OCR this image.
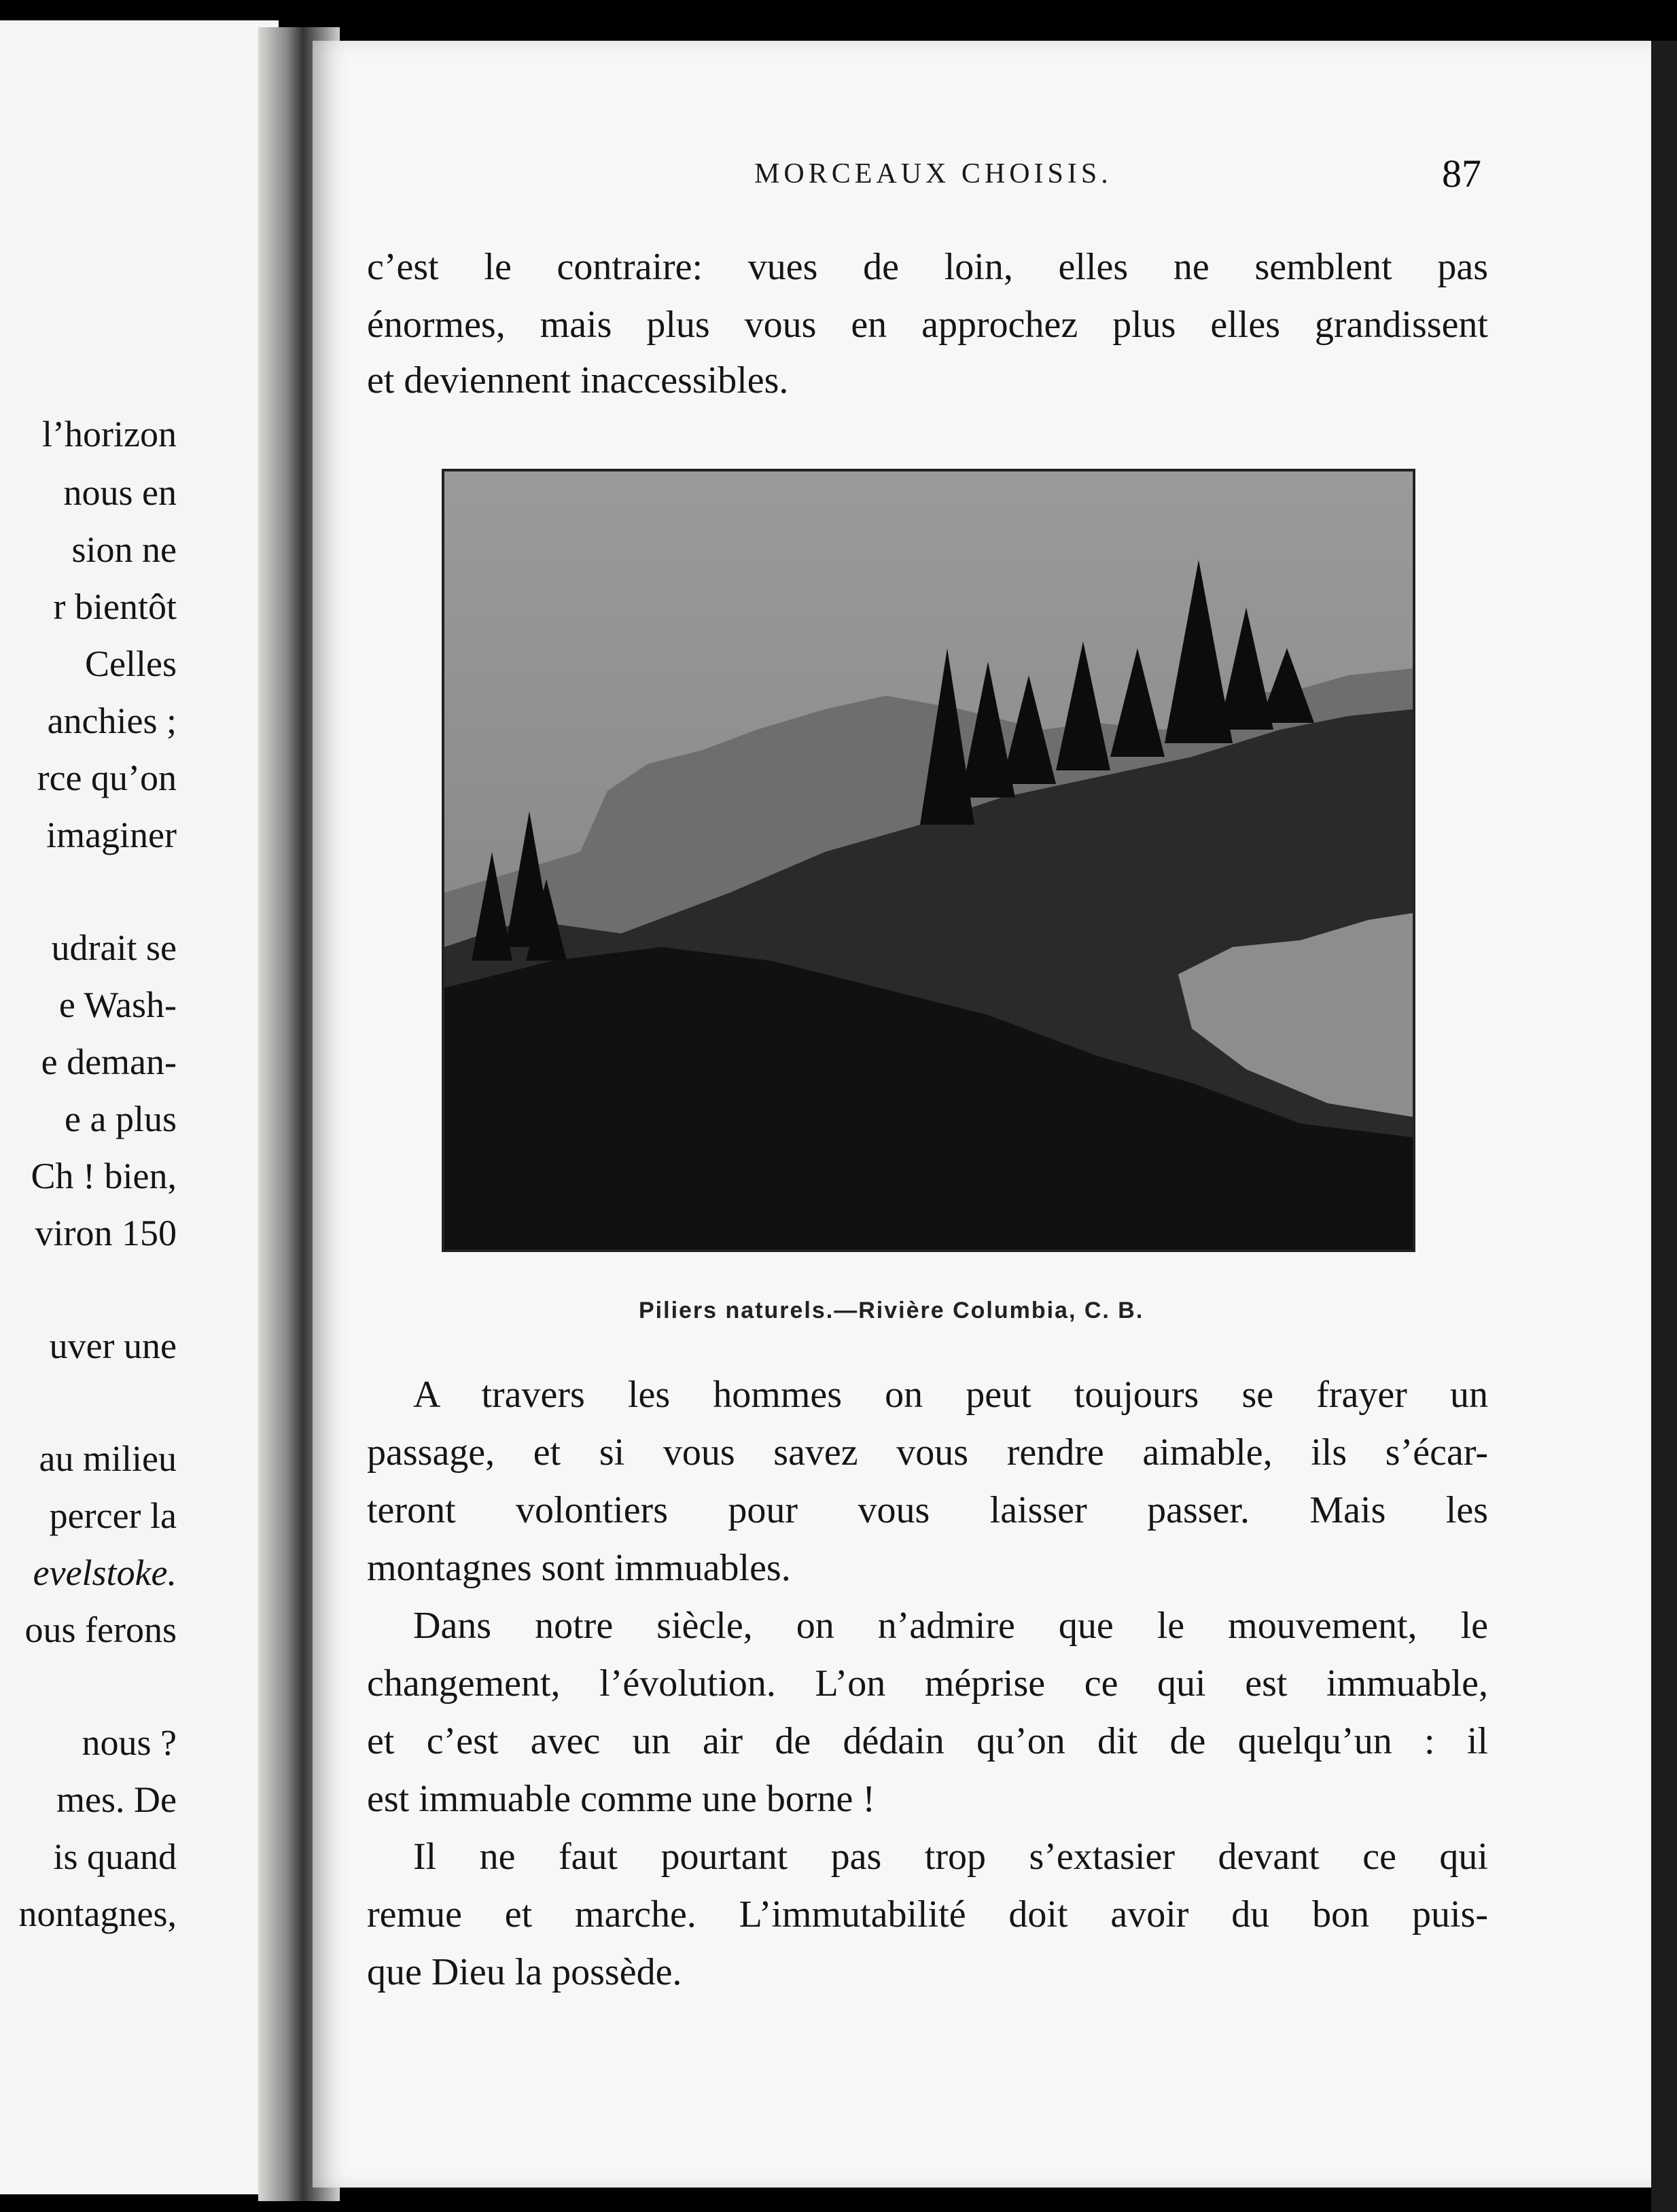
l’horizon
nous en
sion ne
r bientôt
Celles
anchies ;
rce qu’on
imaginer
udrait se
e Wash-
e deman-
e a plus
Ch ! bien,
viron 150
uver une
au milieu
percer la
evelstoke.
ous ferons
nous ?
mes. De
is quand
nontagnes,
MORCEAUX CHOISIS.	87
c’est le contraire: vues de loin, elles ne semblent pas
énormes, mais plus vous en approchez plus elles grandissent
et deviennent inaccessibles.
Piliers naturels.—Rivière Columbia, C. B.
A travers les hommes on peut toujours se frayer un
passage, et si vous savez vous rendre aimable, ils s’écar-
teront volontiers pour vous laisser passer. Mais les
montagnes sont immuables.
Dans notre siècle, on n’admire que le mouvement, le
changement, l’évolution. L’on méprise ce qui est immuable,
et c’est avec un air de dédain qu’on dit de quelqu’un : il
est immuable comme une borne !
Il ne faut pourtant pas trop s’extasier devant ce qui
remue et marche. L’immutabilité doit avoir du bon puis-
que Dieu la possède.
